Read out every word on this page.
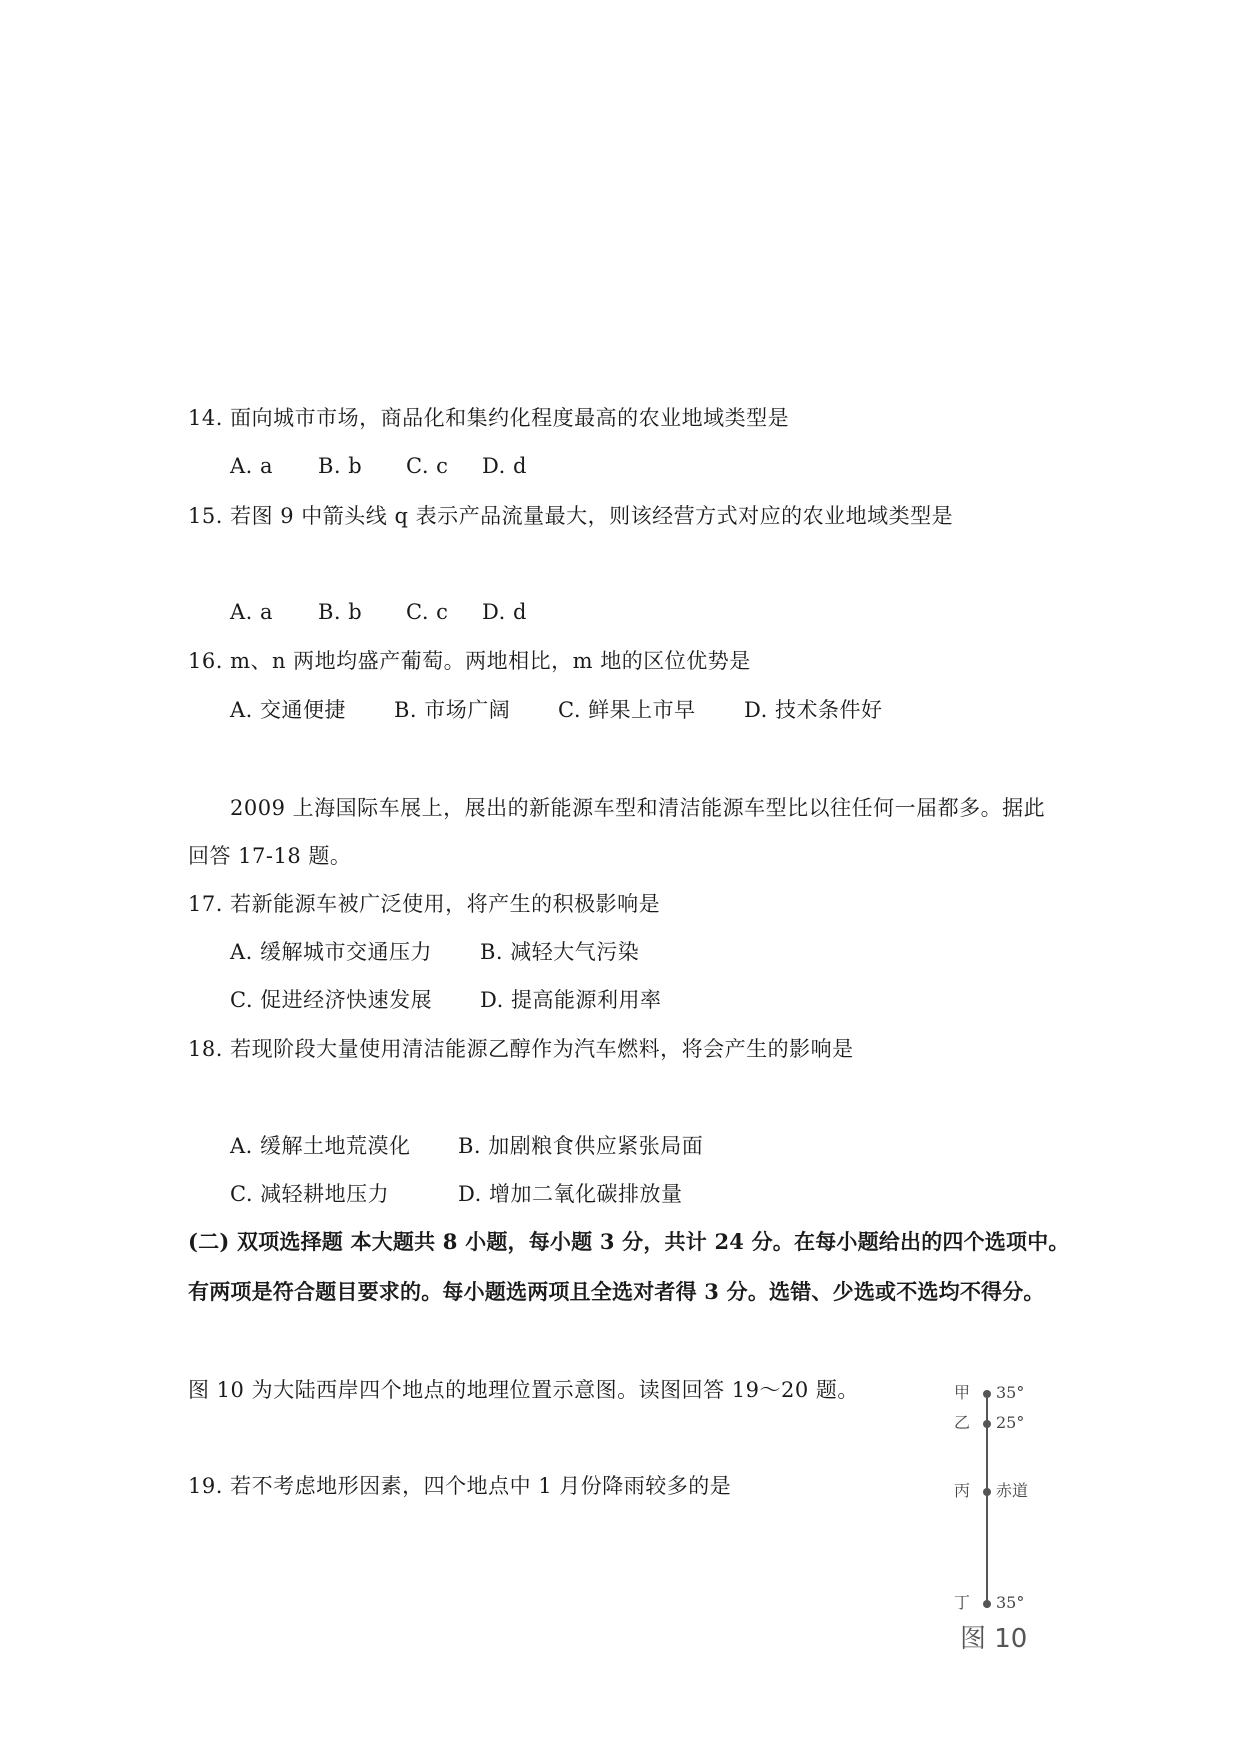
14. 面向城市市场，商品化和集约化程度最高的农业地域类型是
A. a B. b C. c D. d
15. 若图 9 中箭头线 q 表示产品流量最大，则该经营方式对应的农业地域类型是
A. a B. b C. c D. d
16. m、n 两地均盛产葡萄。两地相比，m 地的区位优势是
A. 交通便捷 B. 市场广阔 C. 鲜果上市早 D. 技术条件好
2009 上海国际车展上，展出的新能源车型和清洁能源车型比以往任何一届都多。据此
回答 17-18 题。
17. 若新能源车被广泛使用，将产生的积极影响是
A. 缓解城市交通压力 B. 减轻大气污染
C. 促进经济快速发展 D. 提高能源利用率
18. 若现阶段大量使用清洁能源乙醇作为汽车燃料，将会产生的影响是
A. 缓解土地荒漠化 B. 加剧粮食供应紧张局面
C. 减轻耕地压力	D. 增加二氧化碳排放量
(二) 双项选择题 本大题共 8 小题，每小题 3 分，共计 24 分。在每小题给出的四个选项中。
有两项是符合题目要求的。每小题选两项且全选对者得 3 分。选错、少选或不选均不得分。
图 10 为大陆西岸四个地点的地理位置示意图。读图回答 19～20 题。
19. 若不考虑地形因素，四个地点中 1 月份降雨较多的是
甲 35°
乙 25°
丙 赤道
丁 35°
图 10
